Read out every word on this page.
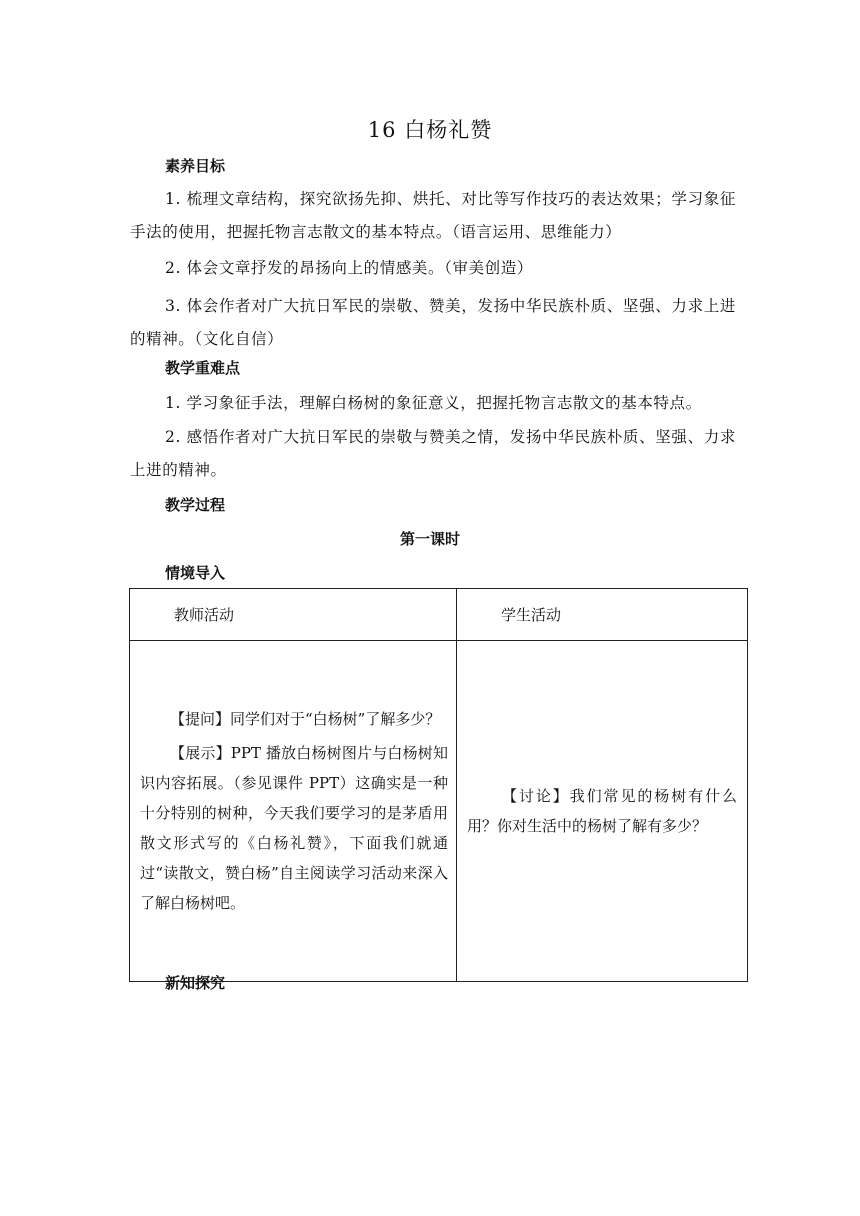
16 白杨礼赞
素养目标
1. 梳理文章结构，探究欲扬先抑、烘托、对比等写作技巧的表达效果；学习象征手法的使用，把握托物言志散文的基本特点。（语言运用、思维能力）
2. 体会文章抒发的昂扬向上的情感美。（审美创造）
3. 体会作者对广大抗日军民的崇敬、赞美，发扬中华民族朴质、坚强、力求上进的精神。（文化自信）
教学重难点
1. 学习象征手法，理解白杨树的象征意义，把握托物言志散文的基本特点。
2. 感悟作者对广大抗日军民的崇敬与赞美之情，发扬中华民族朴质、坚强、力求上进的精神。
教学过程
第一课时
情境导入
教师活动	学生活动

【提问】同学们对于“白杨树”了解多少？

【展示】PPT 播放白杨树图片与白杨树知识内容拓展。（参见课件 PPT）这确实是一种十分特别的树种，今天我们要学习的是茅盾用散文形式写的《白杨礼赞》，下面我们就通过“读散文，赞白杨”自主阅读学习活动来深入了解白杨树吧。	【讨论】我们常见的杨树有什么用？你对生活中的杨树了解有多少？

新知探究
